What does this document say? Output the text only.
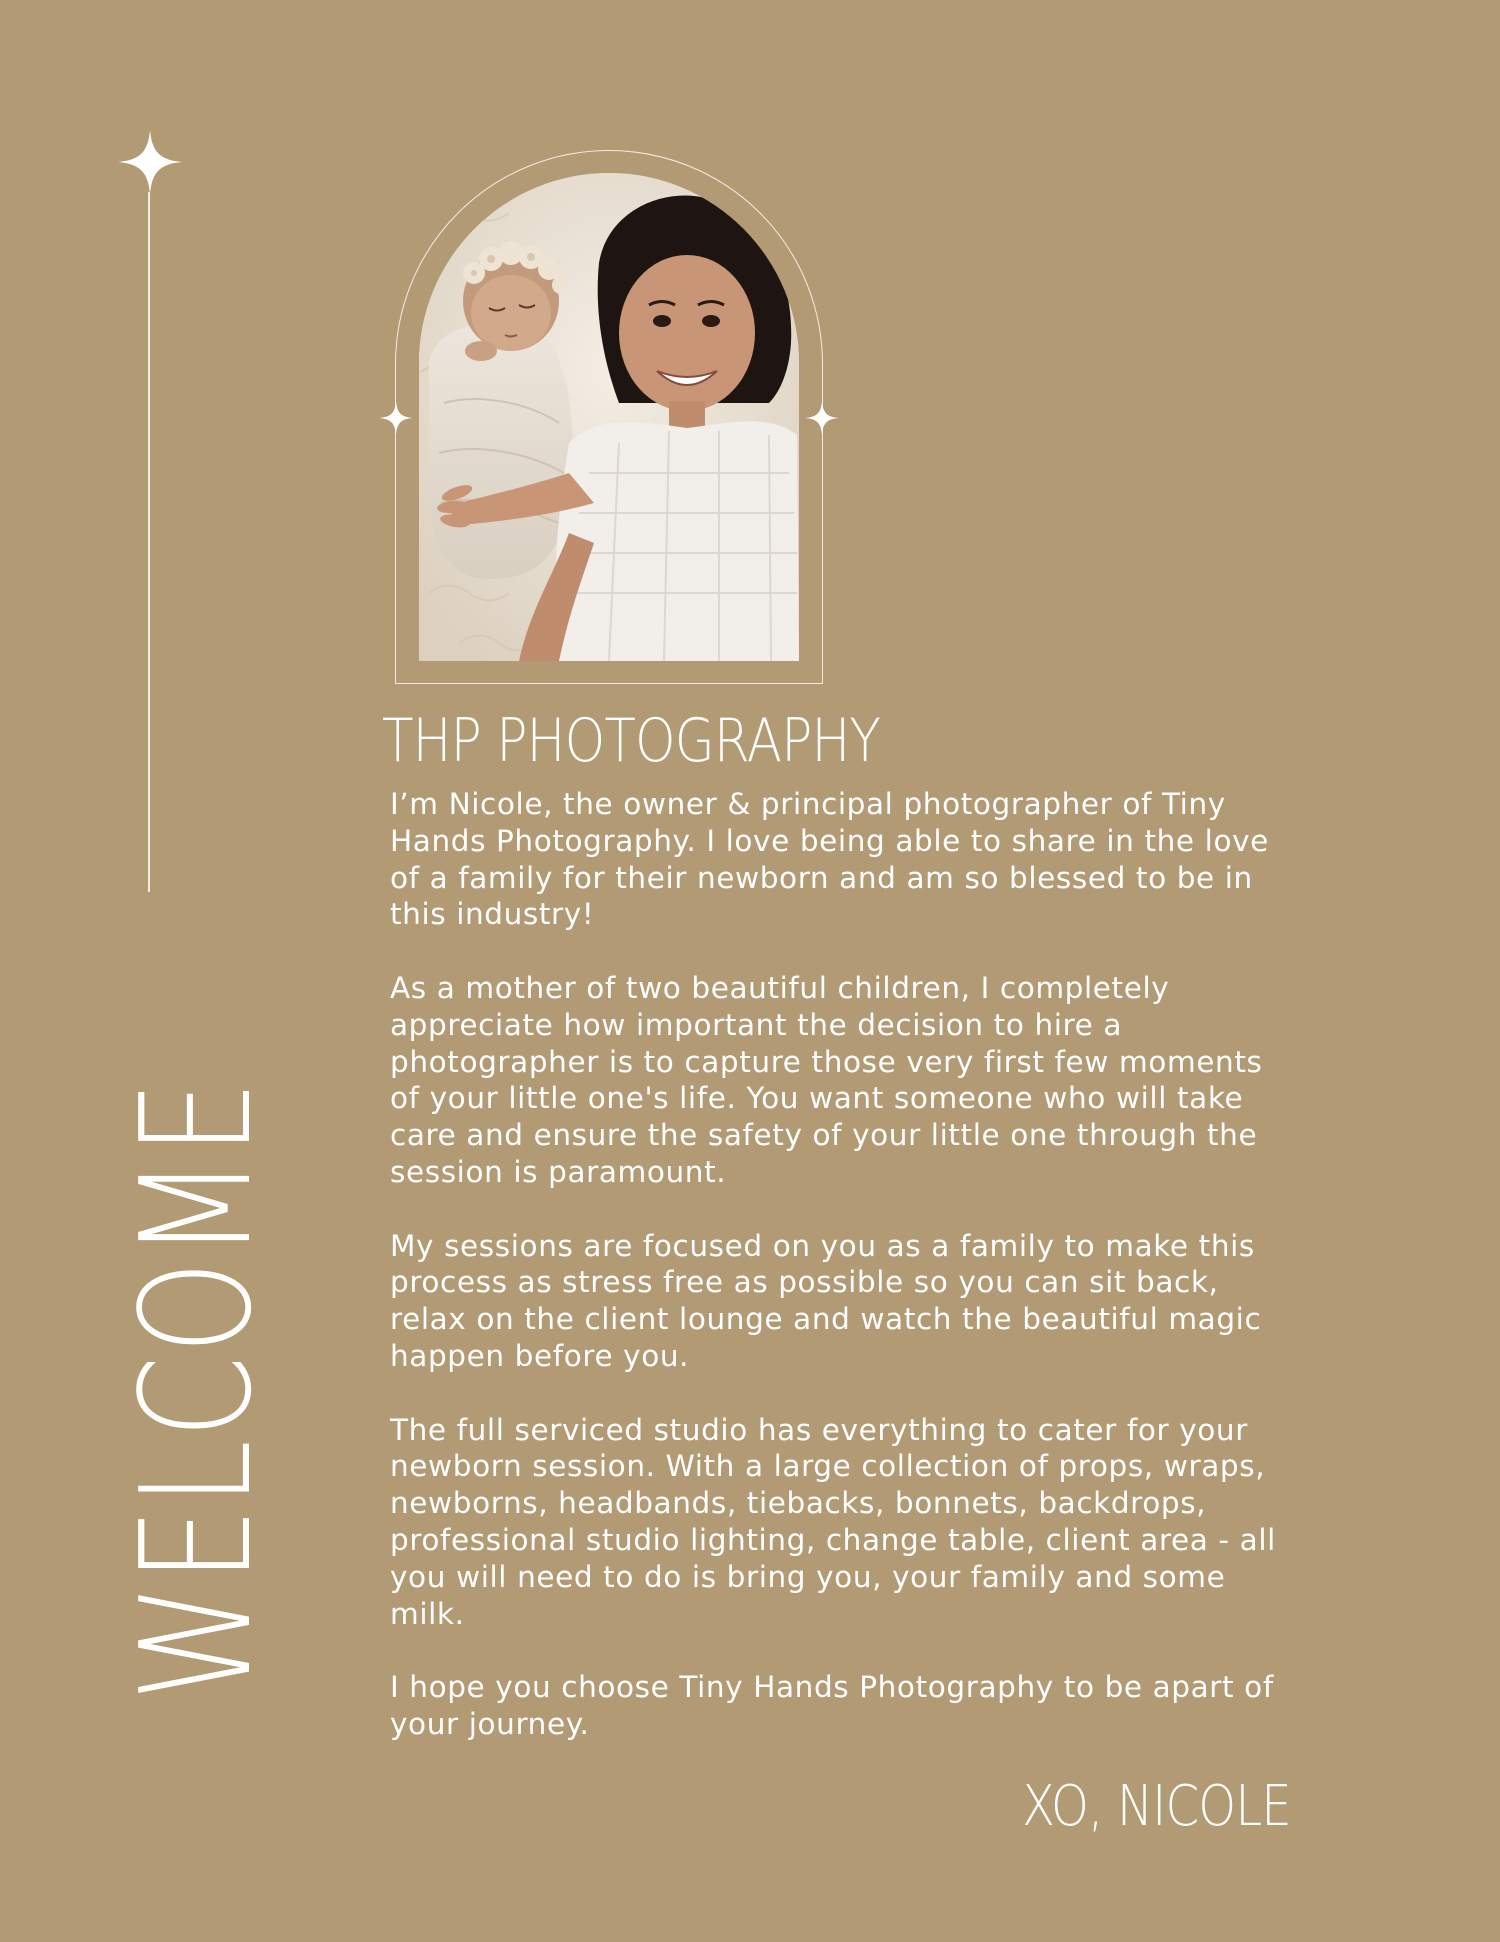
WELCOME
THP PHOTOGRAPHY
I’m Nicole, the owner & principal photographer of Tiny
Hands Photography. I love being able to share in the love
of a family for their newborn and am so blessed to be in
this industry!
As a mother of two beautiful children, I completely
appreciate how important the decision to hire a
photographer is to capture those very first few moments
of your little one's life. You want someone who will take
care and ensure the safety of your little one through the
session is paramount.
My sessions are focused on you as a family to make this
process as stress free as possible so you can sit back,
relax on the client lounge and watch the beautiful magic
happen before you.
The full serviced studio has everything to cater for your
newborn session. With a large collection of props, wraps,
newborns, headbands, tiebacks, bonnets, backdrops,
professional studio lighting, change table, client area - all
you will need to do is bring you, your family and some
milk.
I hope you choose Tiny Hands Photography to be apart of
your journey.
XO, NICOLE
